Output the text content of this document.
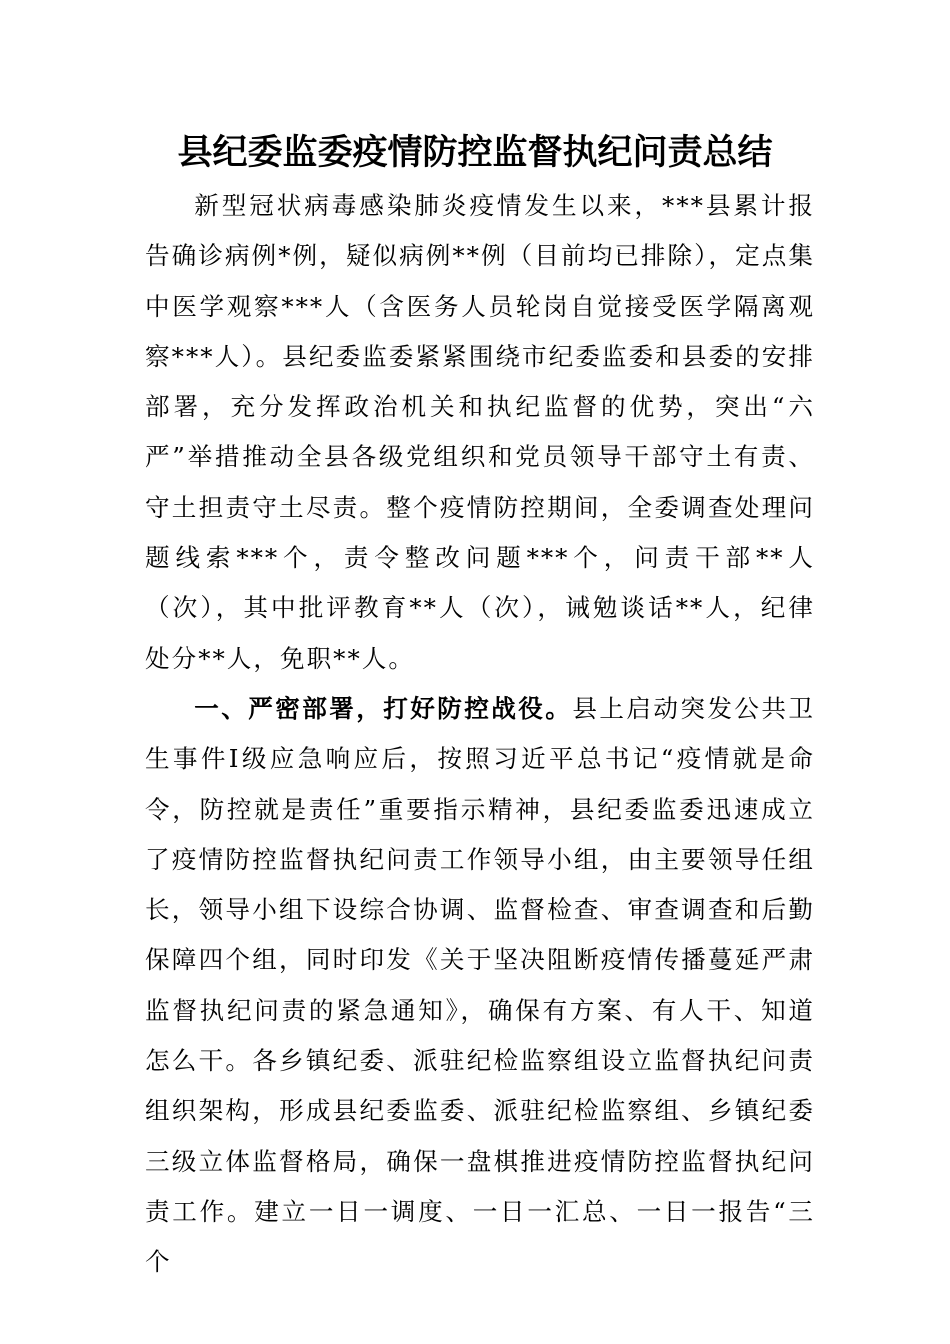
县纪委监委疫情防控监督执纪问责总结

新型冠状病毒感染肺炎疫情发生以来，***县累计报告确诊病例*例，疑似病例**例（目前均已排除），定点集中医学观察***人（含医务人员轮岗自觉接受医学隔离观察***人）。县纪委监委紧紧围绕市纪委监委和县委的安排部署，充分发挥政治机关和执纪监督的优势，突出“六严”举措推动全县各级党组织和党员领导干部守土有责、守土担责守土尽责。整个疫情防控期间，全委调查处理问题线索***个，责令整改问题***个，问责干部**人（次），其中批评教育**人（次），诫勉谈话**人，纪律处分**人，免职**人。

一、严密部署，打好防控战役。县上启动突发公共卫生事件Ⅰ级应急响应后，按照习近平总书记“疫情就是命令，防控就是责任”重要指示精神，县纪委监委迅速成立了疫情防控监督执纪问责工作领导小组，由主要领导任组长，领导小组下设综合协调、监督检查、审查调查和后勤保障四个组，同时印发《关于坚决阻断疫情传播蔓延严肃监督执纪问责的紧急通知》，确保有方案、有人干、知道怎么干。各乡镇纪委、派驻纪检监察组设立监督执纪问责组织架构，形成县纪委监委、派驻纪检监察组、乡镇纪委三级立体监督格局，确保一盘棋推进疫情防控监督执纪问责工作。建立一日一调度、一日一汇总、一日一报告“三个
